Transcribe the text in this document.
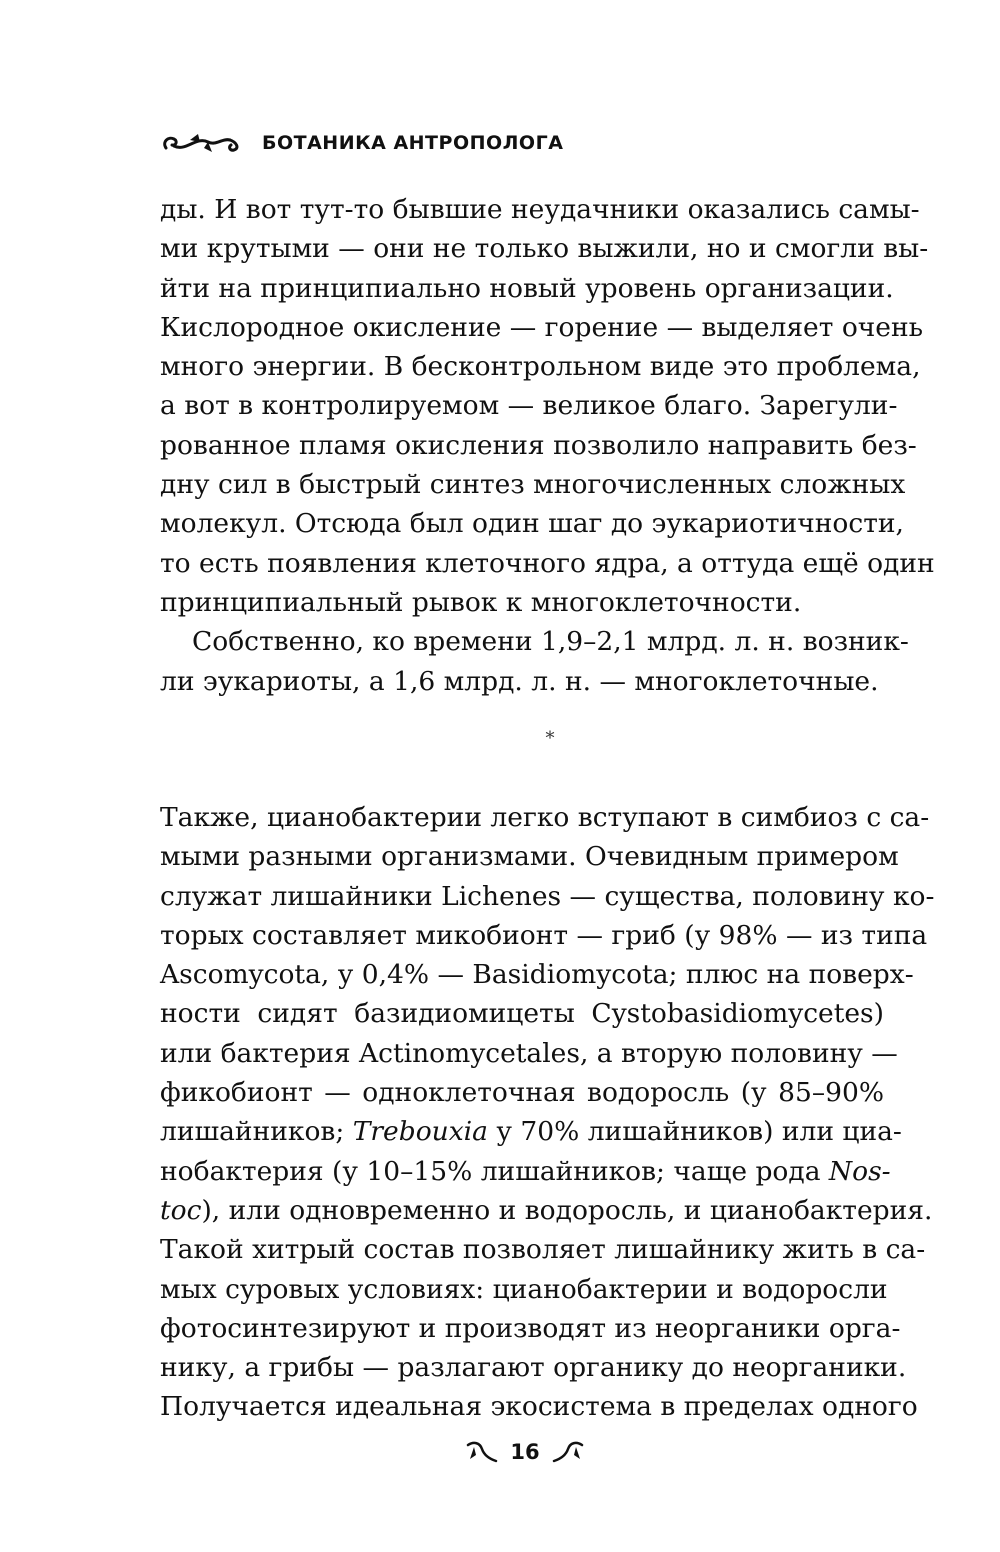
БОТАНИКА АНТРОПОЛОГА
ды. И вот тут-то бывшие неудачники оказались самы-
ми крутыми — они не только выжили, но и смогли вы-
йти на принципиально новый уровень организации.
Кислородное окисление — горение — выделяет очень
много энергии. В бесконтрольном виде это проблема,
а вот в контролируемом — великое благо. Зарегули-
рованное пламя окисления позволило направить без-
дну сил в быстрый синтез многочисленных сложных
молекул. Отсюда был один шаг до эукариотичности,
то есть появления клеточного ядра, а оттуда ещё один
принципиальный рывок к многоклеточности.
Собственно, ко времени 1,9–2,1 млрд. л. н. возник-
ли эукариоты, а 1,6 млрд. л. н. — многоклеточные.
*
Также, цианобактерии легко вступают в симбиоз с са-
мыми разными организмами. Очевидным примером
служат лишайники Lichenes — существа, половину ко-
торых составляет микобионт — гриб (у 98% — из типа
Ascomycota, у 0,4% — Basidiomycota; плюс на поверх-
ности сидят базидиомицеты Cystobasidiomycetes)
или бактерия Actinomycetales, а вторую половину —
фикобионт — одноклеточная водоросль (у 85–90%
лишайников; Trebouxia у 70% лишайников) или циа-
нобактерия (у 10–15% лишайников; чаще рода Nos-
toc), или одновременно и водоросль, и цианобактерия.
Такой хитрый состав позволяет лишайнику жить в са-
мых суровых условиях: цианобактерии и водоросли
фотосинтезируют и производят из неорганики орга-
нику, а грибы — разлагают органику до неорганики.
Получается идеальная экосистема в пределах одного
16
